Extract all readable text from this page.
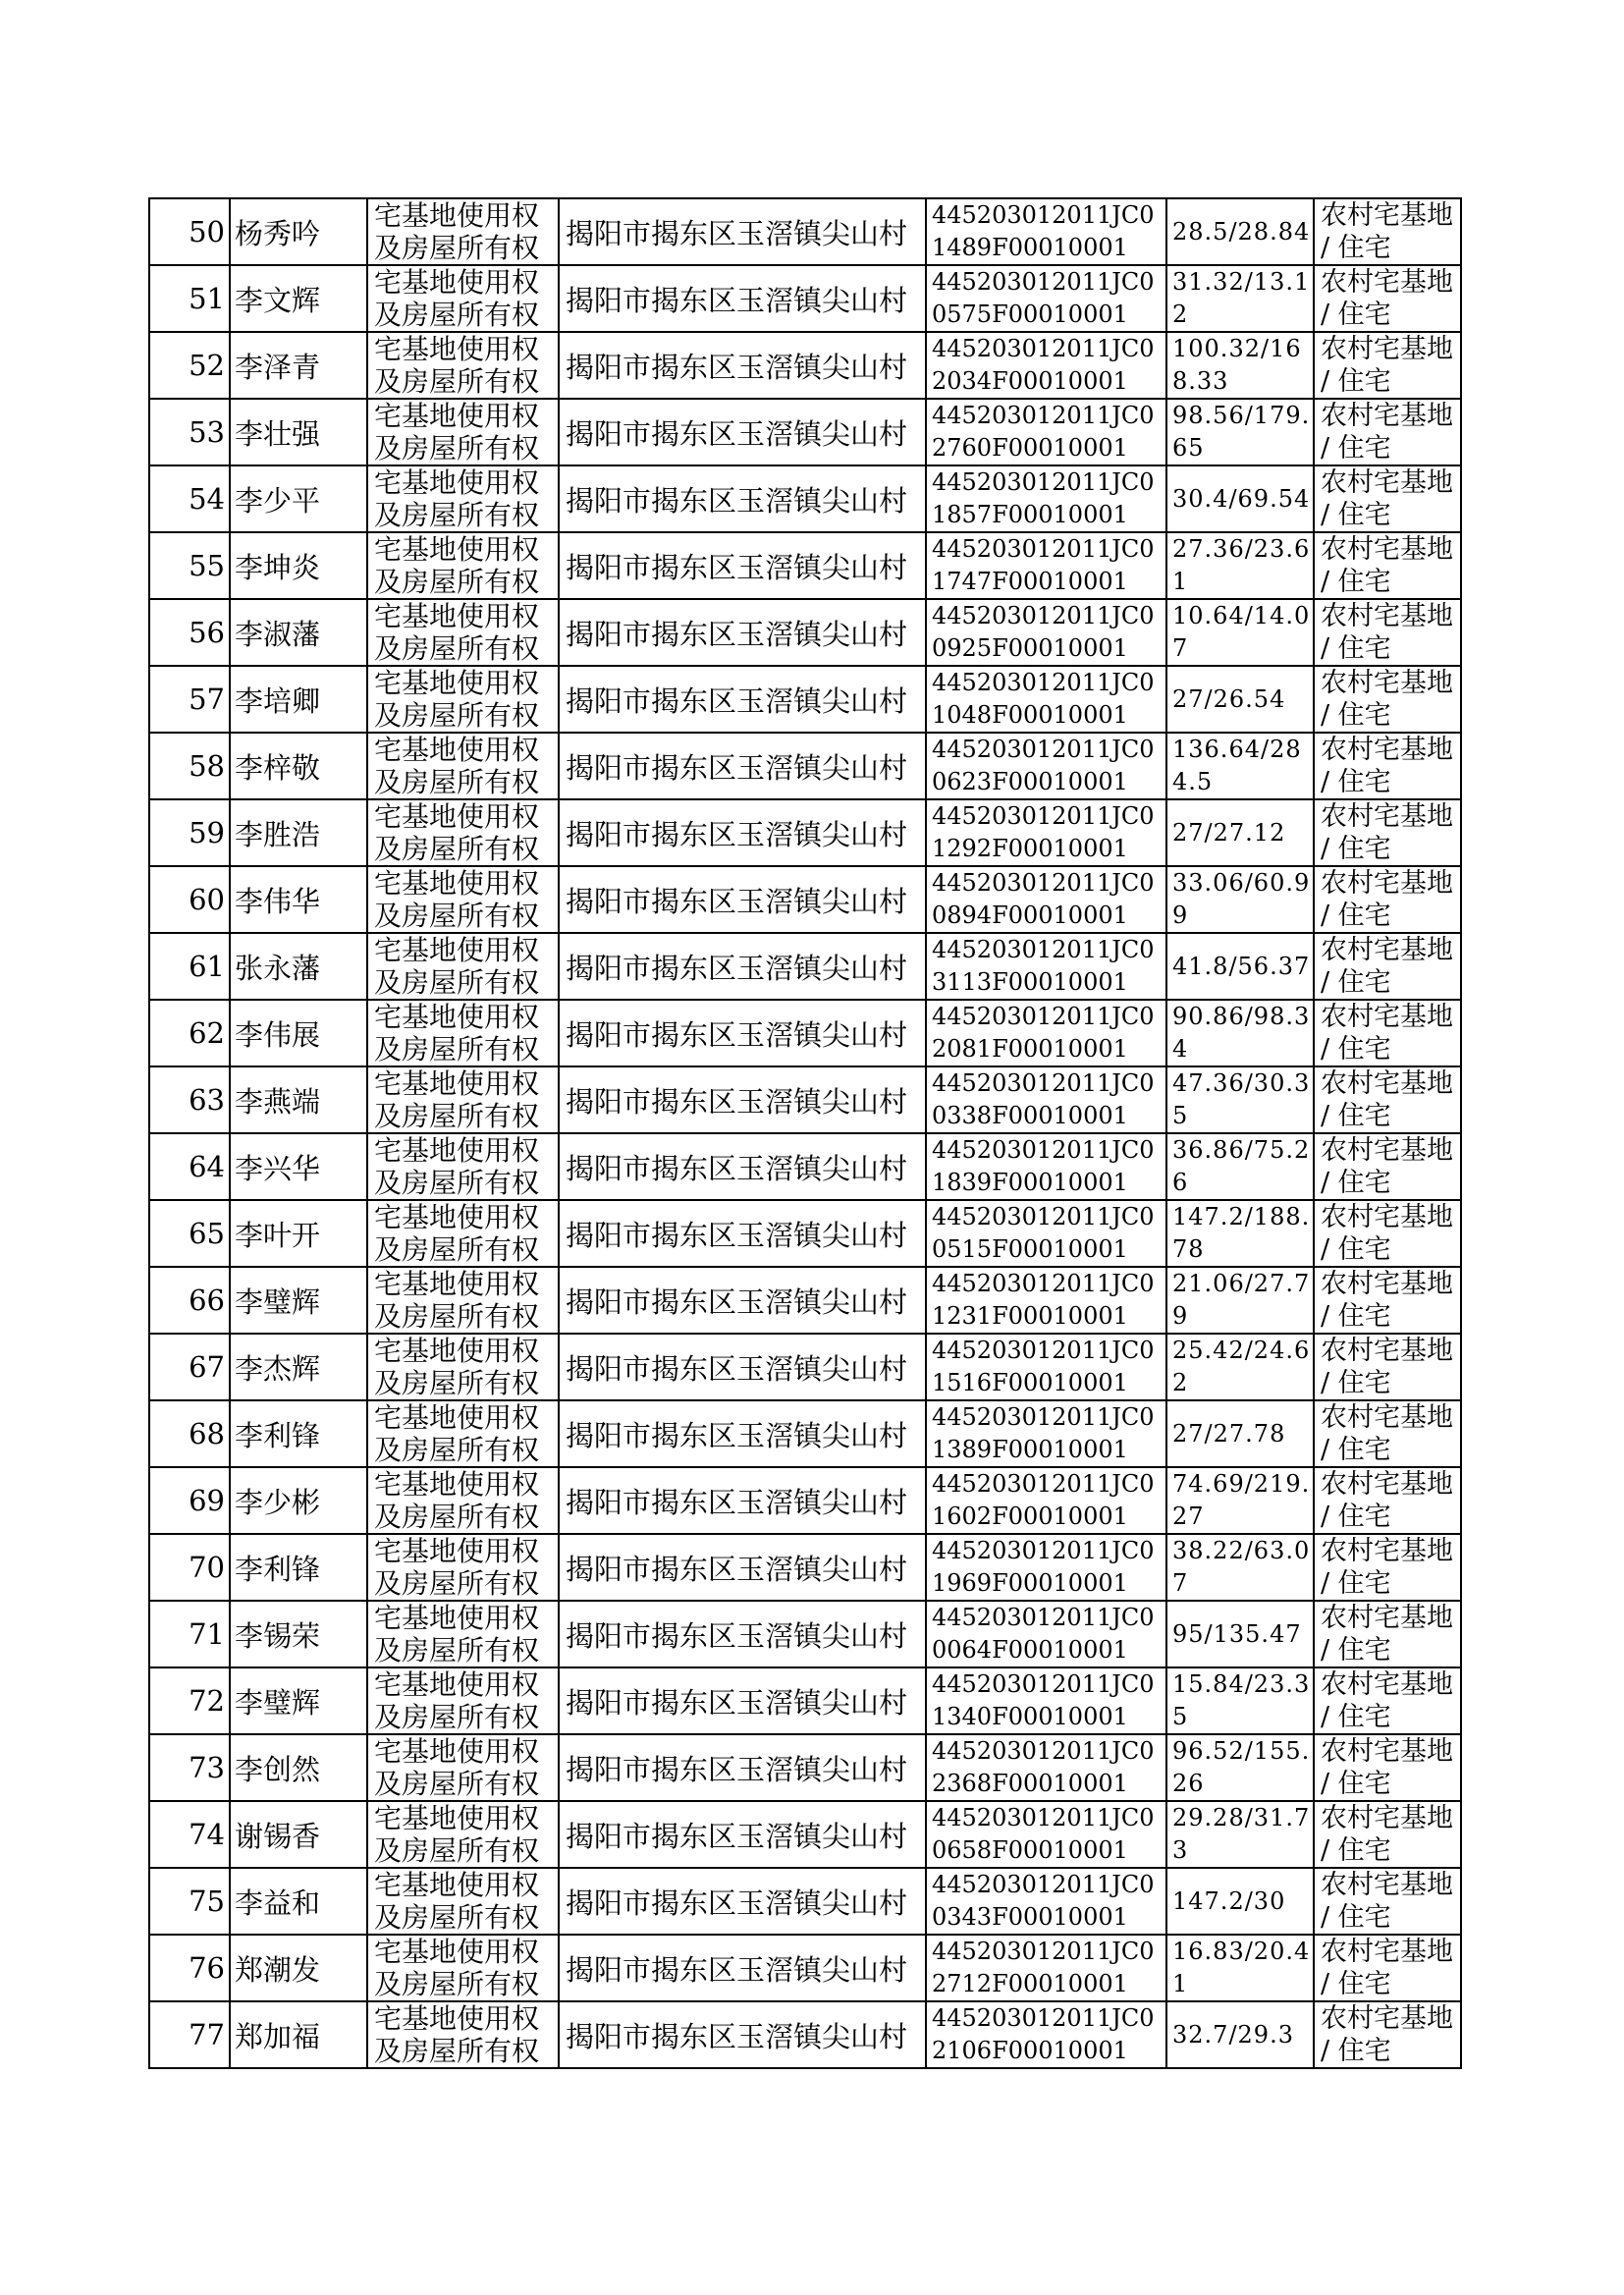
50	杨秀吟	宅基地使用权及房屋所有权	揭阳市揭东区玉滘镇尖山村	445203012011JC01489F00010001	28.5/28.84	农村宅基地 / 住宅
51	李文辉	宅基地使用权及房屋所有权	揭阳市揭东区玉滘镇尖山村	445203012011JC00575F00010001	31.32/13.12	农村宅基地 / 住宅
52	李泽青	宅基地使用权及房屋所有权	揭阳市揭东区玉滘镇尖山村	445203012011JC02034F00010001	100.32/168.33	农村宅基地 / 住宅
53	李壮强	宅基地使用权及房屋所有权	揭阳市揭东区玉滘镇尖山村	445203012011JC02760F00010001	98.56/179.65	农村宅基地 / 住宅
54	李少平	宅基地使用权及房屋所有权	揭阳市揭东区玉滘镇尖山村	445203012011JC01857F00010001	30.4/69.54	农村宅基地 / 住宅
55	李坤炎	宅基地使用权及房屋所有权	揭阳市揭东区玉滘镇尖山村	445203012011JC01747F00010001	27.36/23.61	农村宅基地 / 住宅
56	李淑藩	宅基地使用权及房屋所有权	揭阳市揭东区玉滘镇尖山村	445203012011JC00925F00010001	10.64/14.07	农村宅基地 / 住宅
57	李培卿	宅基地使用权及房屋所有权	揭阳市揭东区玉滘镇尖山村	445203012011JC01048F00010001	27/26.54	农村宅基地 / 住宅
58	李梓敬	宅基地使用权及房屋所有权	揭阳市揭东区玉滘镇尖山村	445203012011JC00623F00010001	136.64/284.5	农村宅基地 / 住宅
59	李胜浩	宅基地使用权及房屋所有权	揭阳市揭东区玉滘镇尖山村	445203012011JC01292F00010001	27/27.12	农村宅基地 / 住宅
60	李伟华	宅基地使用权及房屋所有权	揭阳市揭东区玉滘镇尖山村	445203012011JC00894F00010001	33.06/60.99	农村宅基地 / 住宅
61	张永藩	宅基地使用权及房屋所有权	揭阳市揭东区玉滘镇尖山村	445203012011JC03113F00010001	41.8/56.37	农村宅基地 / 住宅
62	李伟展	宅基地使用权及房屋所有权	揭阳市揭东区玉滘镇尖山村	445203012011JC02081F00010001	90.86/98.34	农村宅基地 / 住宅
63	李燕端	宅基地使用权及房屋所有权	揭阳市揭东区玉滘镇尖山村	445203012011JC00338F00010001	47.36/30.35	农村宅基地 / 住宅
64	李兴华	宅基地使用权及房屋所有权	揭阳市揭东区玉滘镇尖山村	445203012011JC01839F00010001	36.86/75.26	农村宅基地 / 住宅
65	李叶开	宅基地使用权及房屋所有权	揭阳市揭东区玉滘镇尖山村	445203012011JC00515F00010001	147.2/188.78	农村宅基地 / 住宅
66	李璧辉	宅基地使用权及房屋所有权	揭阳市揭东区玉滘镇尖山村	445203012011JC01231F00010001	21.06/27.79	农村宅基地 / 住宅
67	李杰辉	宅基地使用权及房屋所有权	揭阳市揭东区玉滘镇尖山村	445203012011JC01516F00010001	25.42/24.62	农村宅基地 / 住宅
68	李利锋	宅基地使用权及房屋所有权	揭阳市揭东区玉滘镇尖山村	445203012011JC01389F00010001	27/27.78	农村宅基地 / 住宅
69	李少彬	宅基地使用权及房屋所有权	揭阳市揭东区玉滘镇尖山村	445203012011JC01602F00010001	74.69/219.27	农村宅基地 / 住宅
70	李利锋	宅基地使用权及房屋所有权	揭阳市揭东区玉滘镇尖山村	445203012011JC01969F00010001	38.22/63.07	农村宅基地 / 住宅
71	李锡荣	宅基地使用权及房屋所有权	揭阳市揭东区玉滘镇尖山村	445203012011JC00064F00010001	95/135.47	农村宅基地 / 住宅
72	李璧辉	宅基地使用权及房屋所有权	揭阳市揭东区玉滘镇尖山村	445203012011JC01340F00010001	15.84/23.35	农村宅基地 / 住宅
73	李创然	宅基地使用权及房屋所有权	揭阳市揭东区玉滘镇尖山村	445203012011JC02368F00010001	96.52/155.26	农村宅基地 / 住宅
74	谢锡香	宅基地使用权及房屋所有权	揭阳市揭东区玉滘镇尖山村	445203012011JC00658F00010001	29.28/31.73	农村宅基地 / 住宅
75	李益和	宅基地使用权及房屋所有权	揭阳市揭东区玉滘镇尖山村	445203012011JC00343F00010001	147.2/30	农村宅基地 / 住宅
76	郑潮发	宅基地使用权及房屋所有权	揭阳市揭东区玉滘镇尖山村	445203012011JC02712F00010001	16.83/20.41	农村宅基地 / 住宅
77	郑加福	宅基地使用权及房屋所有权	揭阳市揭东区玉滘镇尖山村	445203012011JC02106F00010001	32.7/29.3	农村宅基地 / 住宅
